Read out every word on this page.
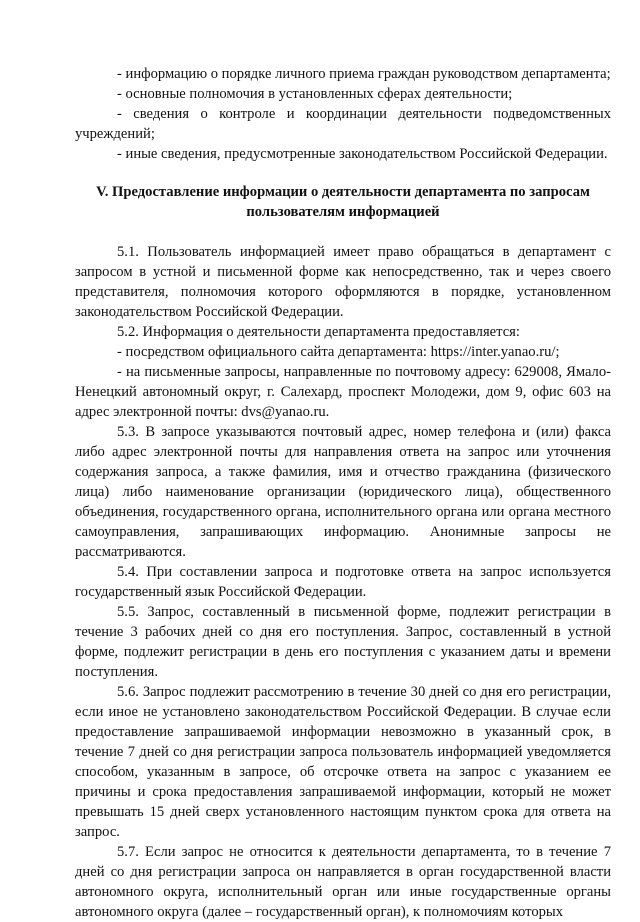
- информацию о порядке личного приема граждан руководством департамента;

- основные полномочия в установленных сферах деятельности;

- сведения о контроле и координации деятельности подведомственных учреждений;

- иные сведения, предусмотренные законодательством Российской Федерации.

V. Предоставление информации о деятельности департамента по запросам
пользователям информацией

5.1. Пользователь информацией имеет право обращаться в департамент с запросом в устной и письменной форме как непосредственно, так и через своего представителя, полномочия которого оформляются в порядке, установленном законодательством Российской Федерации.

5.2. Информация о деятельности департамента предоставляется:

- посредством официального сайта департамента: https://inter.yanao.ru/;

- на письменные запросы, направленные по почтовому адресу: 629008, Ямало-Ненецкий автономный округ, г. Салехард, проспект Молодежи, дом 9, офис 603 на адрес электронной почты: dvs@yanao.ru.

5.3. В запросе указываются почтовый адрес, номер телефона и (или) факса либо адрес электронной почты для направления ответа на запрос или уточнения содержания запроса, а также фамилия, имя и отчество гражданина (физического лица) либо наименование организации (юридического лица), общественного объединения, государственного органа, исполнительного органа или органа местного самоуправления, запрашивающих информацию. Анонимные запросы не рассматриваются.

5.4. При составлении запроса и подготовке ответа на запрос используется государственный язык Российской Федерации.

5.5. Запрос, составленный в письменной форме, подлежит регистрации в течение 3 рабочих дней со дня его поступления. Запрос, составленный в устной форме, подлежит регистрации в день его поступления с указанием даты и времени поступления.

5.6. Запрос подлежит рассмотрению в течение 30 дней со дня его регистрации, если иное не установлено законодательством Российской Федерации. В случае если предоставление запрашиваемой информации невозможно в указанный срок, в течение 7 дней со дня регистрации запроса пользователь информацией уведомляется способом, указанным в запросе, об отсрочке ответа на запрос с указанием ее причины и срока предоставления запрашиваемой информации, который не может превышать 15 дней сверх установленного настоящим пунктом срока для ответа на запрос.

5.7. Если запрос не относится к деятельности департамента, то в течение 7 дней со дня регистрации запроса он направляется в орган государственной власти автономного округа, исполнительный орган или иные государственные органы автономного округа (далее – государственный орган), к полномочиям которых
